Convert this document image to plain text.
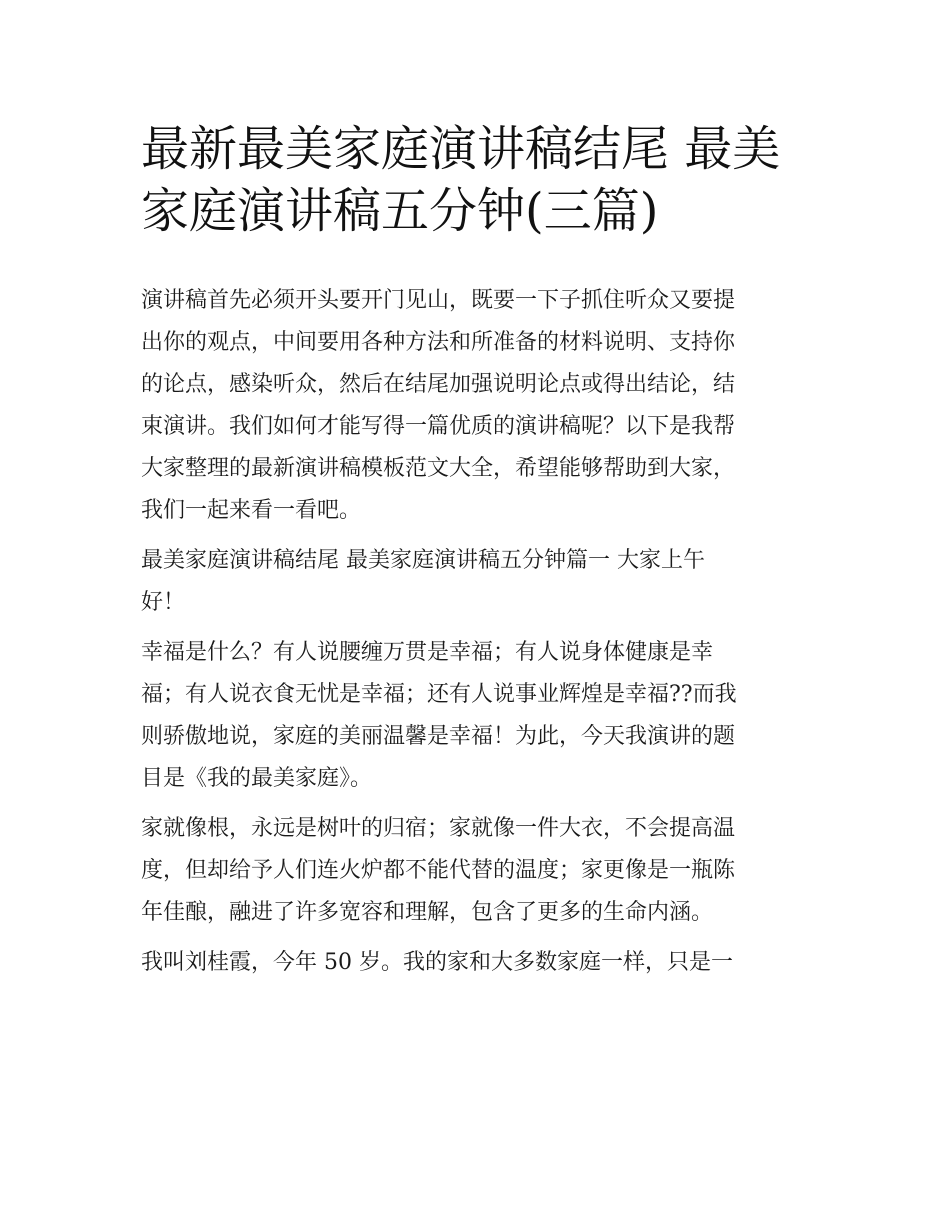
最新最美家庭演讲稿结尾 最美
家庭演讲稿五分钟(三篇)

演讲稿首先必须开头要开门见山，既要一下子抓住听众又要提
出你的观点，中间要用各种方法和所准备的材料说明、支持你
的论点，感染听众，然后在结尾加强说明论点或得出结论，结
束演讲。我们如何才能写得一篇优质的演讲稿呢？以下是我帮
大家整理的最新演讲稿模板范文大全，希望能够帮助到大家，
我们一起来看一看吧。

最美家庭演讲稿结尾 最美家庭演讲稿五分钟篇一 大家上午
好！

幸福是什么？有人说腰缠万贯是幸福；有人说身体健康是幸
福；有人说衣食无忧是幸福；还有人说事业辉煌是幸福??而我
则骄傲地说，家庭的美丽温馨是幸福！为此，今天我演讲的题
目是《我的最美家庭》。

家就像根，永远是树叶的归宿；家就像一件大衣，不会提高温
度，但却给予人们连火炉都不能代替的温度；家更像是一瓶陈
年佳酿，融进了许多宽容和理解，包含了更多的生命内涵。

我叫刘桂霞，今年 50 岁。我的家和大多数家庭一样，只是一
